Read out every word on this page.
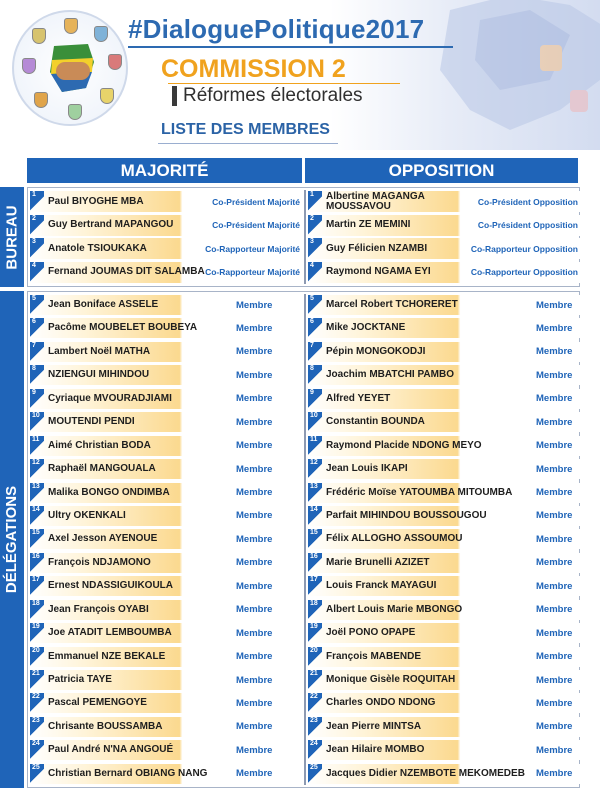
#DialoguePolitique2017
COMMISSION 2
Réformes électorales
LISTE DES MEMBRES
MAJORITÉ	OPPOSITION
BUREAU
DÉLÉGATIONS
1
Paul BIYOGHE MBA	Co-Président Majorité
2
Guy Bertrand MAPANGOU	Co-Président Majorité
3
Anatole TSIOUKAKA	Co-Rapporteur Majorité
4
Fernand JOUMAS DIT SALAMBA Co-Rapporteur Majorité
1 Albertine MAGANGA MOUSSAVOU	Co-Président Opposition
2
Martin ZE MEMINI	Co-Président Opposition
3
Guy Félicien NZAMBI	Co-Rapporteur Opposition
4
Raymond NGAMA EYI	Co-Rapporteur Opposition
5
Jean Boniface ASSELE	Membre
6
Pacôme MOUBELET BOUBEYA	Membre
7
Lambert Noël MATHA	Membre
8
NZIENGUI MIHINDOU	Membre
9
Cyriaque MVOURADJIAMI	Membre
10
MOUTENDI PENDI	Membre
11
Aimé Christian BODA	Membre
12
Raphaël MANGOUALA	Membre
13
Malika BONGO ONDIMBA	Membre
14
Ultry OKENKALI	Membre
15
Axel Jesson AYENOUE	Membre
16
François NDJAMONO	Membre
17
Ernest NDASSIGUIKOULA	Membre
18
Jean François OYABI	Membre
19
Joe ATADIT LEMBOUMBA	Membre
20
Emmanuel NZE BEKALE	Membre
21
Patricia TAYE	Membre
22
Pascal PEMENGOYE	Membre
23
Chrisante BOUSSAMBA	Membre
24
Paul André N'NA ANGOUÉ	Membre
25
Christian Bernard OBIANG NANG	Membre
5
Marcel Robert TCHORERET	Membre
6
Mike JOCKTANE	Membre
7
Pépin MONGOKODJI	Membre
8
Joachim MBATCHI PAMBO	Membre
9
Alfred YEYET	Membre
10
Constantin BOUNDA	Membre
11
Raymond Placide NDONG MEYO	Membre
12
Jean Louis IKAPI	Membre
13
Frédéric Moïse YATOUMBA MITOUMBA	Membre
14
Parfait MIHINDOU BOUSSOUGOU	Membre
15
Félix ALLOGHO ASSOUMOU	Membre
16
Marie Brunelli AZIZET	Membre
17
Louis Franck MAYAGUI	Membre
18
Albert Louis Marie MBONGO	Membre
19
Joël PONO OPAPE	Membre
20
François MABENDE	Membre
21
Monique Gisèle ROQUITAH	Membre
22
Charles ONDO NDONG	Membre
23
Jean Pierre MINTSA	Membre
24
Jean Hilaire MOMBO	Membre
25
Jacques Didier NZEMBOTE MEKOMEDEB Membre
